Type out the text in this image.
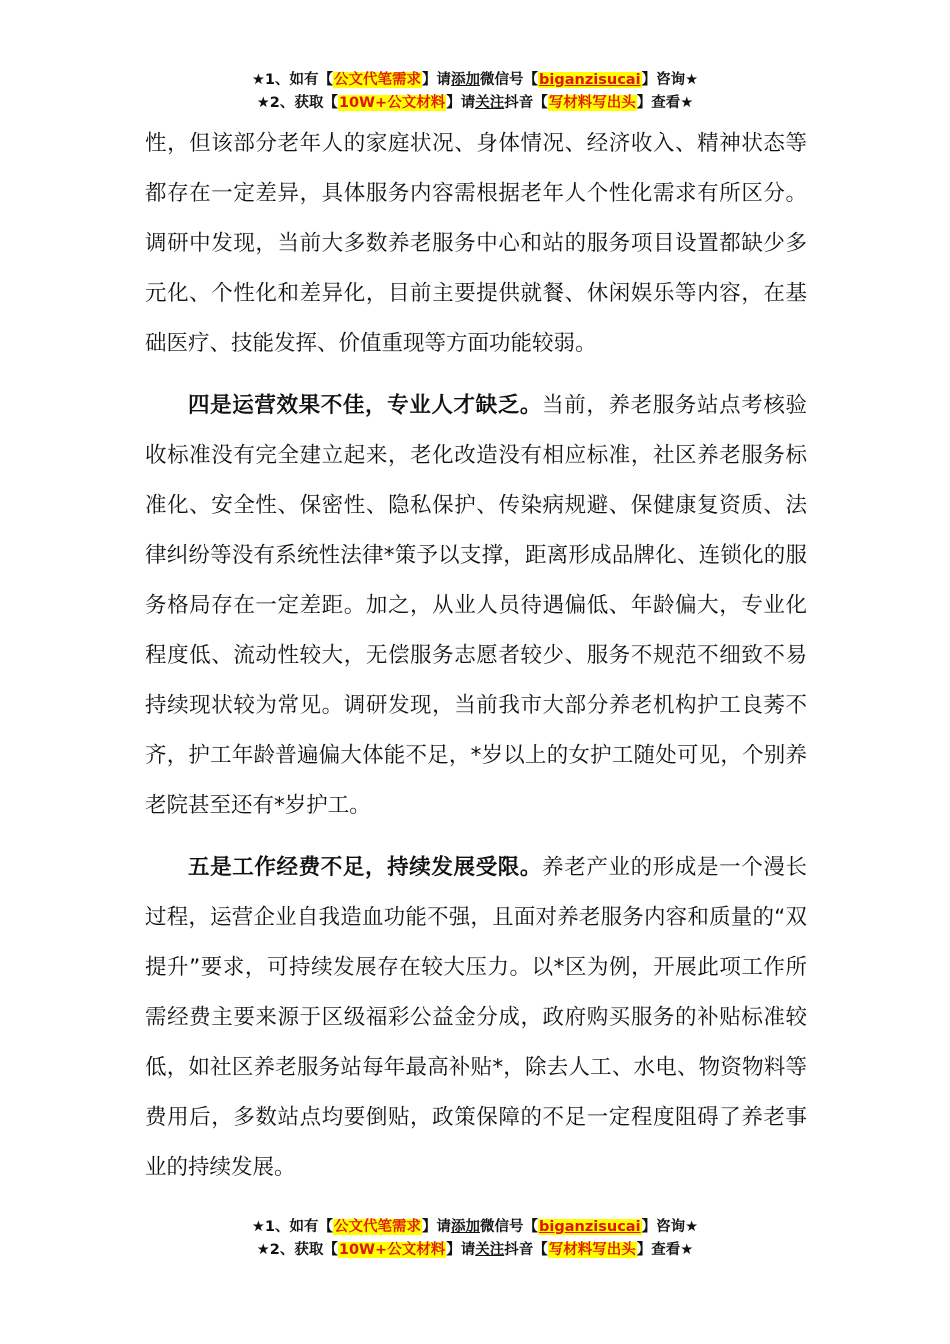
★1、如有【公文代笔需求】请添加微信号【biganzisucai】咨询★
★2、获取【10W+公文材料】请关注抖音【写材料写出头】查看★

性，但该部分老年人的家庭状况、身体情况、经济收入、精神状态等都存在一定差异，具体服务内容需根据老年人个性化需求有所区分。调研中发现，当前大多数养老服务中心和站的服务项目设置都缺少多元化、个性化和差异化，目前主要提供就餐、休闲娱乐等内容，在基础医疗、技能发挥、价值重现等方面功能较弱。

四是运营效果不佳，专业人才缺乏。当前，养老服务站点考核验收标准没有完全建立起来，老化改造没有相应标准，社区养老服务标准化、安全性、保密性、隐私保护、传染病规避、保健康复资质、法律纠纷等没有系统性法律*策予以支撑，距离形成品牌化、连锁化的服务格局存在一定差距。加之，从业人员待遇偏低、年龄偏大，专业化程度低、流动性较大，无偿服务志愿者较少、服务不规范不细致不易持续现状较为常见。调研发现，当前我市大部分养老机构护工良莠不齐，护工年龄普遍偏大体能不足，*岁以上的女护工随处可见，个别养老院甚至还有*岁护工。

五是工作经费不足，持续发展受限。养老产业的形成是一个漫长过程，运营企业自我造血功能不强，且面对养老服务内容和质量的“双提升”要求，可持续发展存在较大压力。以*区为例，开展此项工作所需经费主要来源于区级福彩公益金分成，政府购买服务的补贴标准较低，如社区养老服务站每年最高补贴*，除去人工、水电、物资物料等费用后，多数站点均要倒贴，政策保障的不足一定程度阻碍了养老事业的持续发展。

★1、如有【公文代笔需求】请添加微信号【biganzisucai】咨询★
★2、获取【10W+公文材料】请关注抖音【写材料写出头】查看★
